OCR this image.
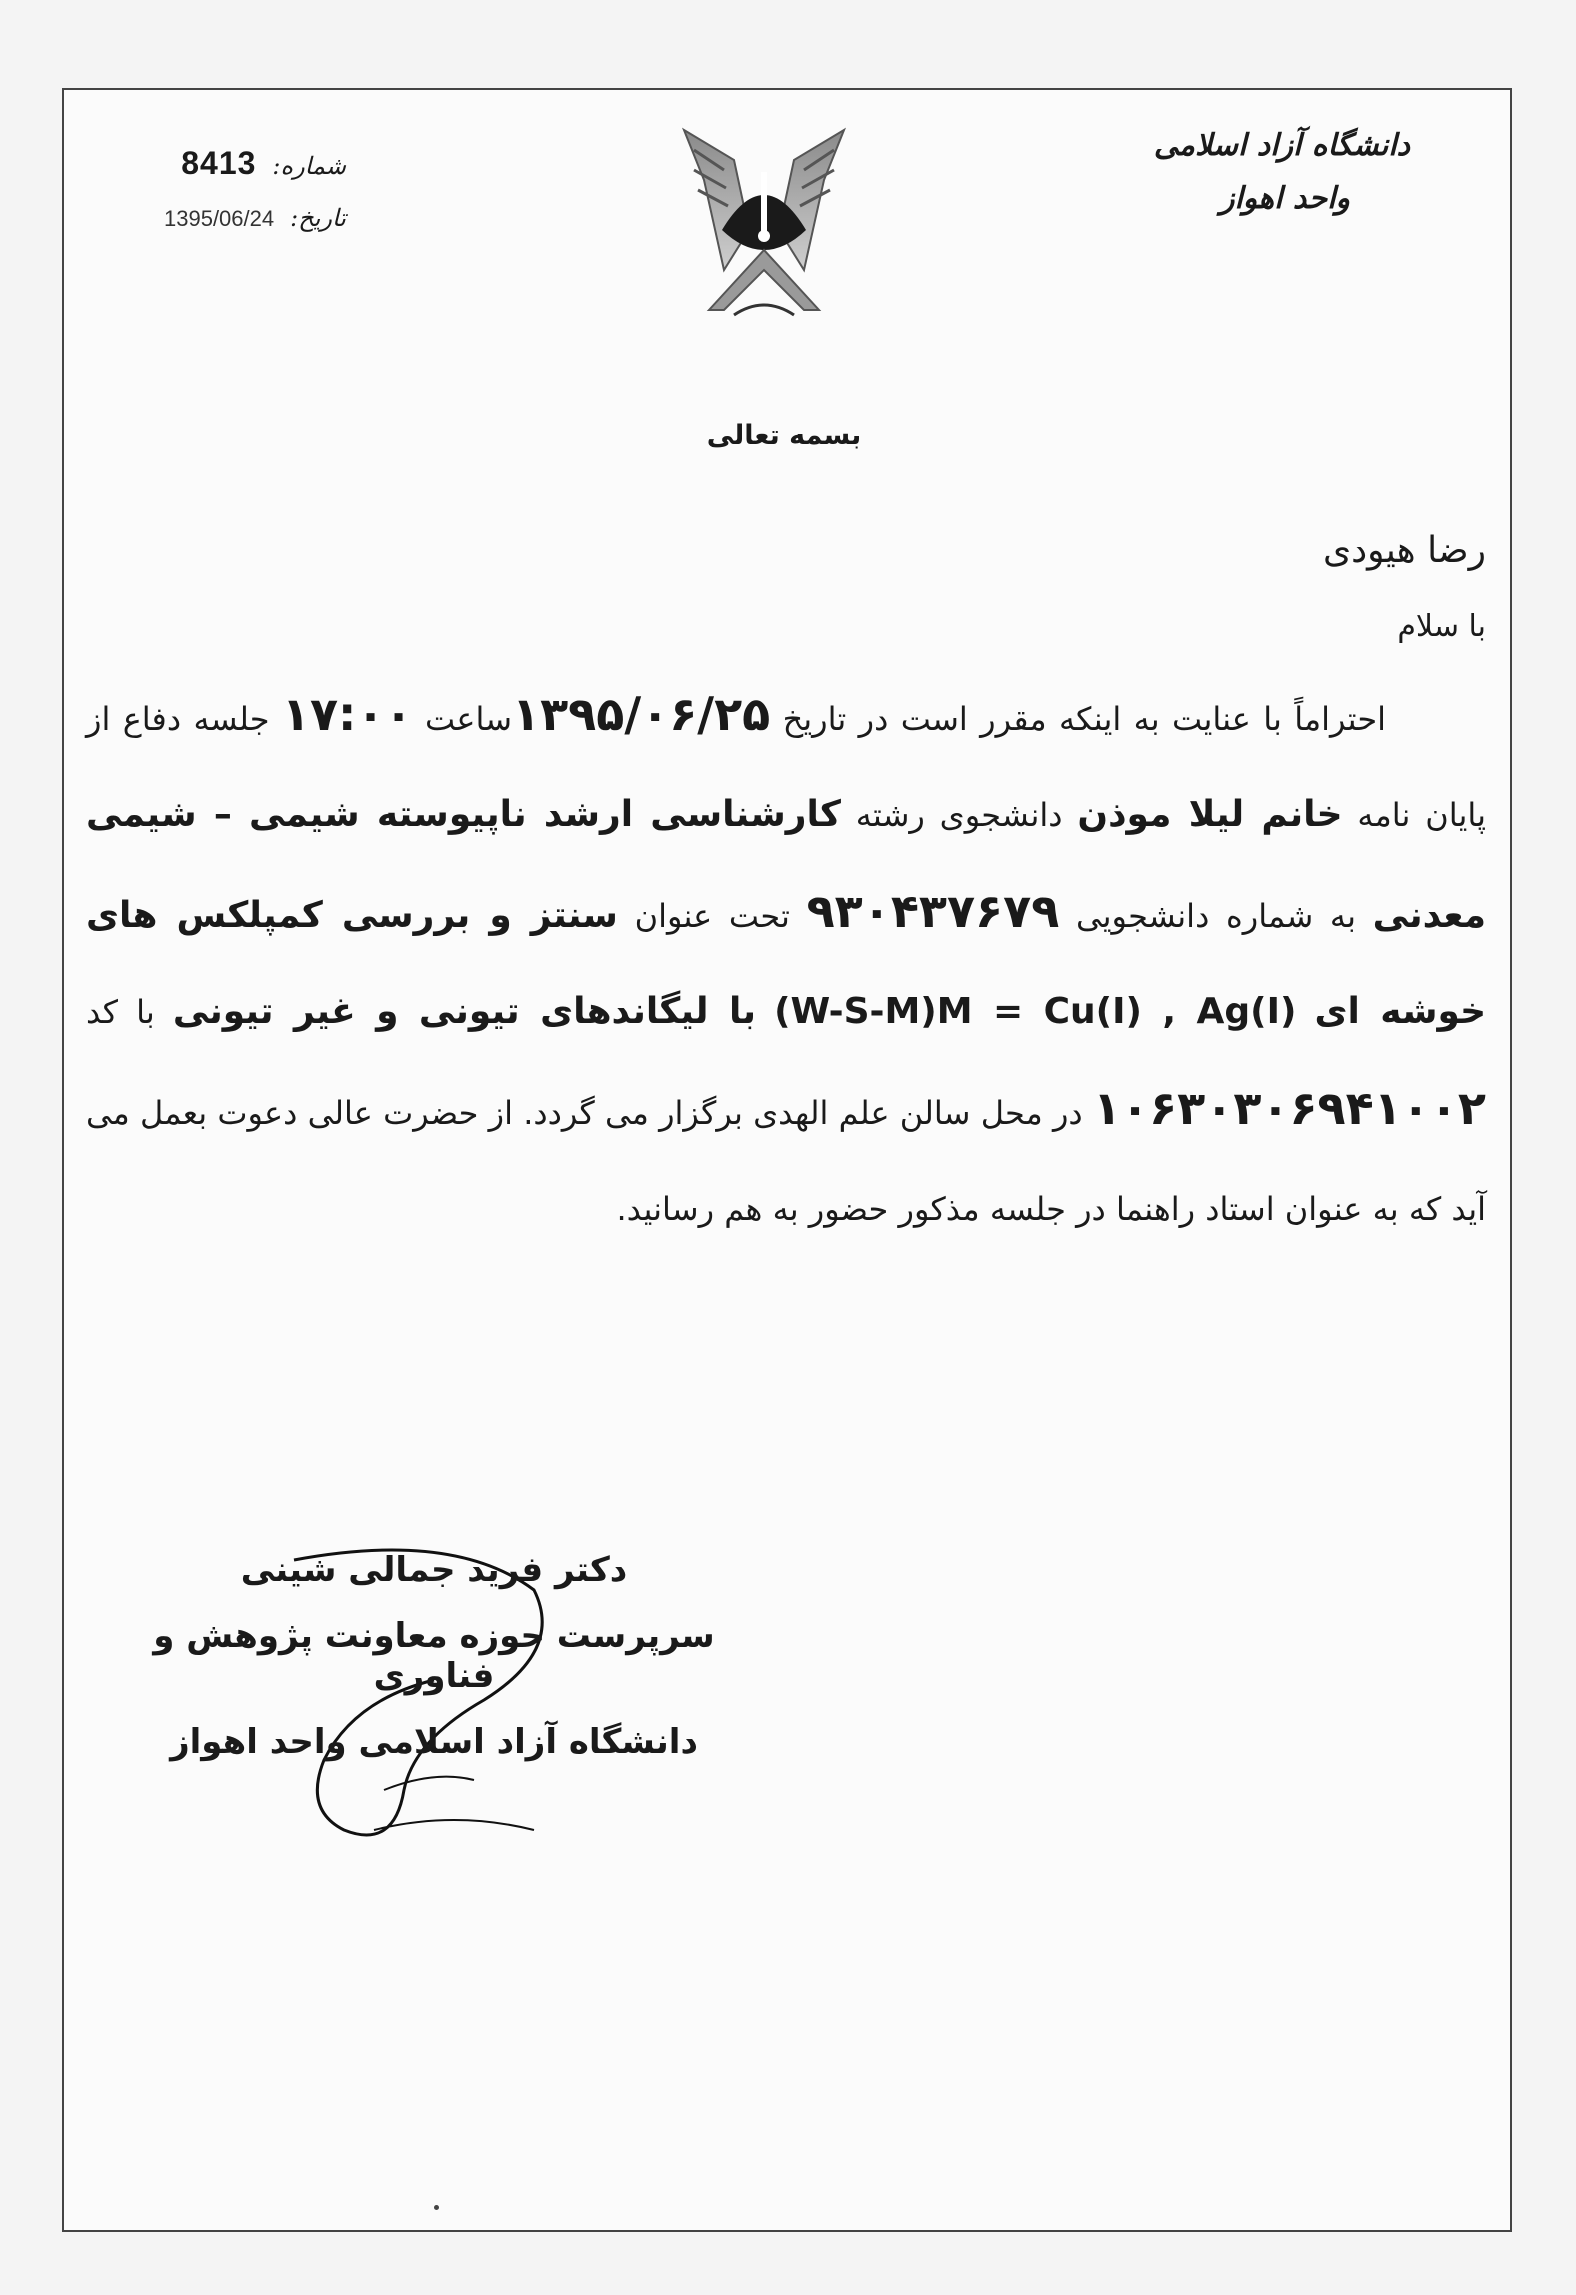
دانشگاه آزاد اسلامی
واحد اهواز
شماره:
8413
تاریخ:
1395/06/24
بسمه تعالی
رضا هیودی
با سلام
احتراماً با عنایت به اینکه مقرر است در تاریخ ۱۳۹۵/۰۶/۲۵ساعت ۱۷:۰۰ جلسه دفاع از پایان نامه خانم لیلا موذن دانشجوی رشته کارشناسی ارشد ناپیوسته شیمی – شیمی معدنی به شماره دانشجویی ۹۳۰۴۳۷۶۷۹ تحت عنوان سنتز و بررسی کمپلکس های خوشه ای (W-S-M)M = Cu(I) , Ag(I) با لیگاندهای تیونی و غیر تیونی با کد ۱۰۶۳۰۳۰۶۹۴۱۰۰۲ در محل سالن علم الهدی برگزار می گردد. از حضرت عالی دعوت بعمل می آید که به عنوان استاد راهنما در جلسه مذکور حضور به هم رسانید.
دکتر فرید جمالی شینی
سرپرست حوزه معاونت پژوهش و فناوری
دانشگاه آزاد اسلامی واحد اهواز
